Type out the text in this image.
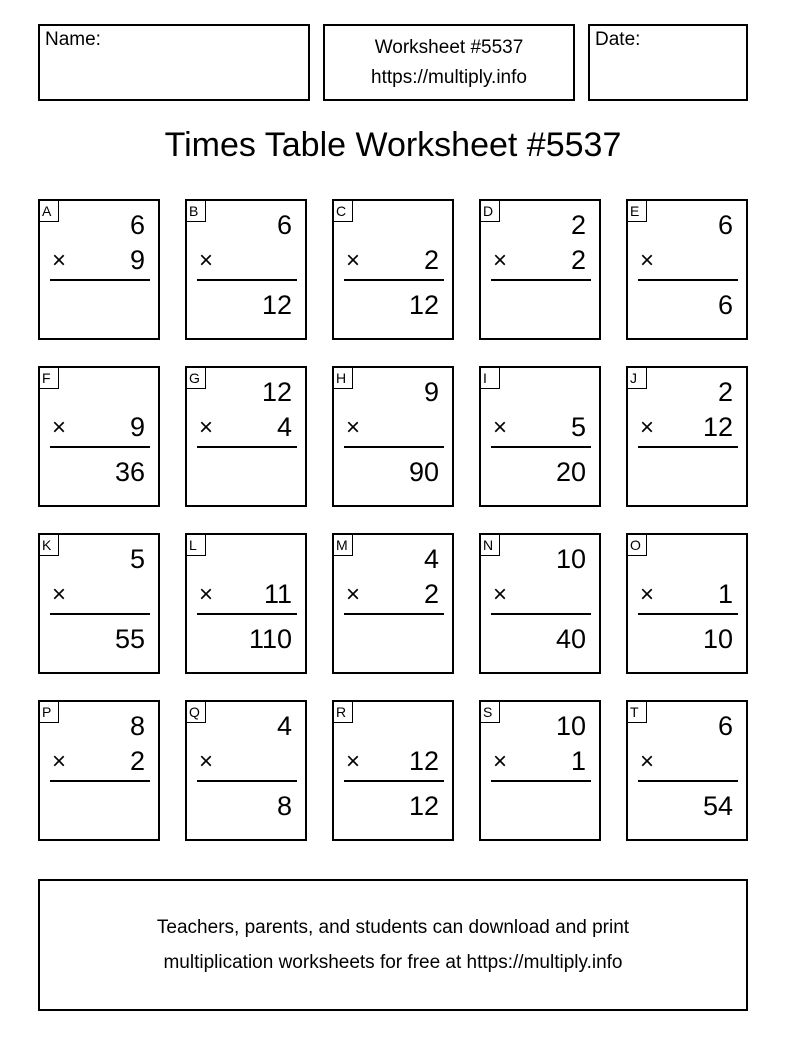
Name:	Worksheet #5537
https://multiply.info
Date:
Times Table Worksheet #5537
A	6
× 9
B	6
×
12
C
× 2
12
D	2
× 2
E	6
×
6
F
× 9
36
G 12
× 4
H	9
×
90
I
× 5
20
J	2
× 12
K	5
×
55
L
× 11
110
M	4
× 2
N 10
×
40
O
× 1
10
P	8
× 2
Q	4
×
8
R
× 12
12
S 10
× 1
T	6
×
54
Teachers, parents, and students can download and print
multiplication worksheets for free at https://multiply.info
